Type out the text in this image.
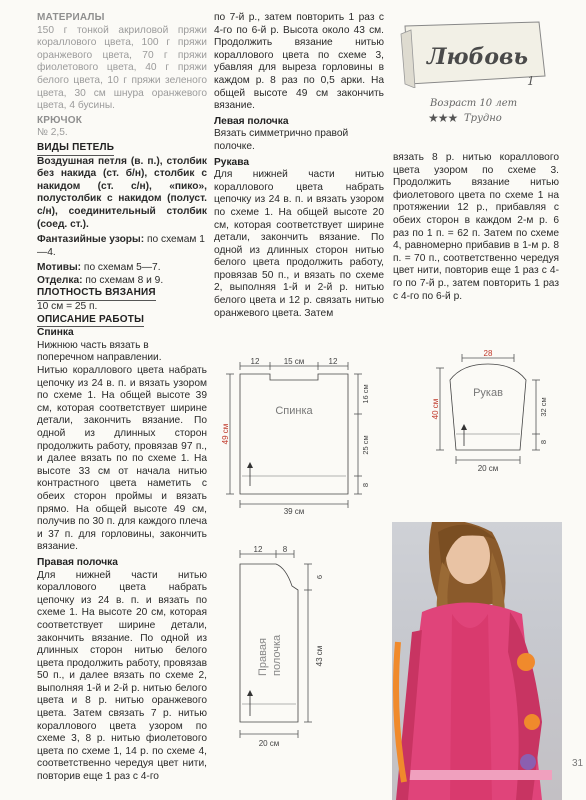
МАТЕРИАЛЫ

150 г тонкой акриловой пряжи кораллового цвета, 100 г пряжи оранжевого цвета, 70 г пряжи фиолетового цвета, 40 г пряжи белого цвета, 10 г пряжи зеленого цвета, 30 см шнура оранжевого цвета, 4 бусины.

КРЮЧОК

№ 2,5.

ВИДЫ ПЕТЕЛЬ

Воздушная петля (в. п.), столбик без накида (ст. б/н), столбик с накидом (ст. с/н), «пико», полустолбик с накидом (полуст. с/н), соединительный столбик (соед. ст.).

Фантазийные узоры: по схемам 1—4.

Мотивы: по схемам 5—7.

Отделка: по схемам 8 и 9.

ПЛОТНОСТЬ ВЯЗАНИЯ

10 см = 25 п.

ОПИСАНИЕ РАБОТЫ
Спинка

Нижнюю часть вязать в поперечном направлении.

Нитью кораллового цвета набрать цепочку из 24 в. п. и вязать узором по схеме 1. На общей высоте 39 см, которая соответствует ширине детали, закончить вязание. По одной из длинных сторон продолжить работу, провязав 97 п., и далее вязать по по схеме 1. На высоте 33 см от начала нитью контрастного цвета наметить с обеих сторон проймы и вязать прямо. На общей высоте 49 см, получив по 30 п. для каждого плеча и 37 п. для горловины, закончить вязание.

Правая полочка

Для нижней части нитью кораллового цвета набрать цепочку из 24 в. п. и вязать по схеме 1. На высоте 20 см, которая соответствует ширине детали, закончить вязание. По одной из длинных сторон нитью белого цвета продолжить работу, провязав 50 п., и далее вязать по схеме 2, выполняя 1-й и 2-й р. нитью белого цвета и 8 р. нитью оранжевого цвета. Затем связать 7 р. нитью кораллового цвета узором по схеме 3, 8 р. нитью фиолетового цвета по схеме 1, 14 р. по схеме 4, соответственно чередуя цвет нити, повторив еще 1 раз с 4-го

по 7-й р., затем повторить 1 раз с 4-го по 6-й р. Высота около 43 см. Продолжить вязание нитью кораллового цвета по схеме 3, убавляя для выреза горловины в каждом р. 8 раз по 0,5 арки. На общей высоте 49 см закончить вязание.

Левая полочка

Вязать симметрично правой полочке.

Рукава

Для нижней части нитью кораллового цвета набрать цепочку из 24 в. п. и вязать узором по схеме 1. На общей высоте 20 см, которая соответствует ширине детали, закончить вязание. По одной из длинных сторон нитью белого цвета продолжить работу, провязав 50 п., и вязать по схеме 2, выполняя 1-й и 2-й р. нитью белого цвета и 12 р. связать нитью оранжевого цвета. Затем

вязать 8 р. нитью кораллового цвета узором по схеме 3. Продолжить вязание нитью фиолетового цвета по схеме 1 на протяжении 12 р., прибавляя с обеих сторон в каждом 2-м р. 6 раз по 1 п. = 62 п. Затем по схеме 4, равномерно прибавив в 1-м р. 8 п. = 70 п., соответственно чередуя цвет нити, повторив еще 1 раз с 4-го по 7-й р., затем повторить 1 раз с 4-го по 6-й р.

Любовь
1
Возраст 10 лет
★★★ Трудно
12	15 см	12
Спинка
49 см
16 см
25 см
8
39 см
28
Рукав
40 см	32 см
8
20 см
12	8
Правая полочка
6
43 см
20 см
31
